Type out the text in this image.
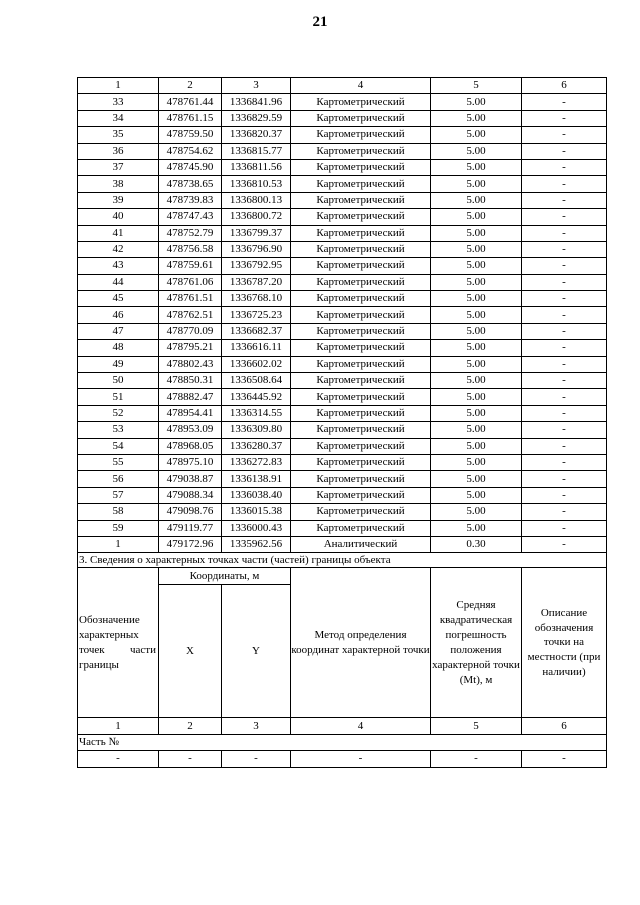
21
1	2	3	4	5	6
33	478761.44	1336841.96	Картометрический	5.00	-
34	478761.15	1336829.59	Картометрический	5.00	-
35	478759.50	1336820.37	Картометрический	5.00	-
36	478754.62	1336815.77	Картометрический	5.00	-
37	478745.90	1336811.56	Картометрический	5.00	-
38	478738.65	1336810.53	Картометрический	5.00	-
39	478739.83	1336800.13	Картометрический	5.00	-
40	478747.43	1336800.72	Картометрический	5.00	-
41	478752.79	1336799.37	Картометрический	5.00	-
42	478756.58	1336796.90	Картометрический	5.00	-
43	478759.61	1336792.95	Картометрический	5.00	-
44	478761.06	1336787.20	Картометрический	5.00	-
45	478761.51	1336768.10	Картометрический	5.00	-
46	478762.51	1336725.23	Картометрический	5.00	-
47	478770.09	1336682.37	Картометрический	5.00	-
48	478795.21	1336616.11	Картометрический	5.00	-
49	478802.43	1336602.02	Картометрический	5.00	-
50	478850.31	1336508.64	Картометрический	5.00	-
51	478882.47	1336445.92	Картометрический	5.00	-
52	478954.41	1336314.55	Картометрический	5.00	-
53	478953.09	1336309.80	Картометрический	5.00	-
54	478968.05	1336280.37	Картометрический	5.00	-
55	478975.10	1336272.83	Картометрический	5.00	-
56	479038.87	1336138.91	Картометрический	5.00	-
57	479088.34	1336038.40	Картометрический	5.00	-
58	479098.76	1336015.38	Картометрический	5.00	-
59	479119.77	1336000.43	Картометрический	5.00	-
1	479172.96	1335962.56	Аналитический	0.30	-
3. Сведения о характерных точках части (частей) границы объекта					
Обозначение характерных точек части границы	Координаты, м		Метод определения координат характерной точки	Средняя квадратическая погрешность положения характерной точки (Mt), м	Описание обозначения точки на местности (при наличии)
	X	Y			
1	2	3	4	5	6
Часть №					
-	-	-	-	-	-
